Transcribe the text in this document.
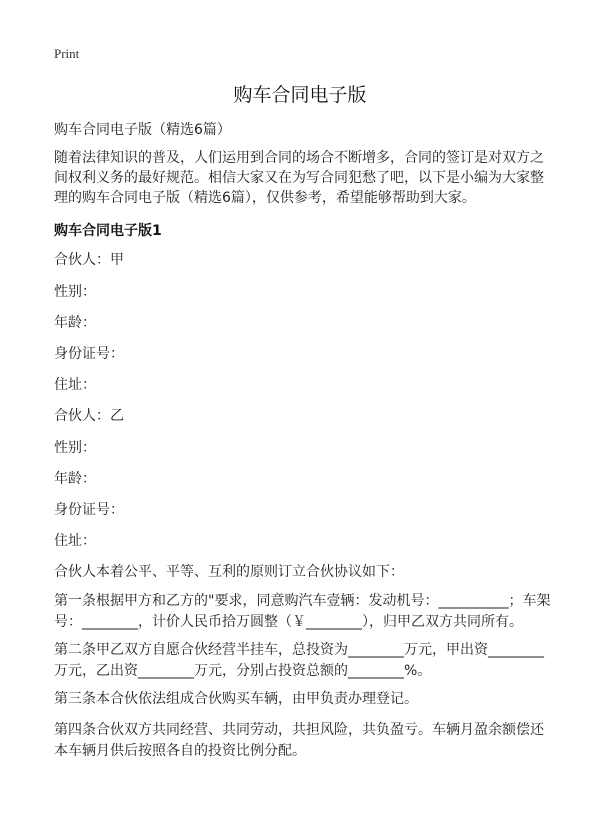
Print
购车合同电子版
购车合同电子版（精选6篇）
随着法律知识的普及，人们运用到合同的场合不断增多，合同的签订是对双方之间权利义务的最好规范。相信大家又在为写合同犯愁了吧，以下是小编为大家整理的购车合同电子版（精选6篇），仅供参考，希望能够帮助到大家。
购车合同电子版1
合伙人：甲
性别：
年龄：
身份证号：
住址：
合伙人：乙
性别：
年龄：
身份证号：
住址：
合伙人本着公平、平等、互利的原则订立合伙协议如下：
第一条根据甲方和乙方的"要求，同意购汽车壹辆：发动机号：__________；车架号：________，计价人民币拾万圆整（￥________），归甲乙双方共同所有。
第二条甲乙双方自愿合伙经营半挂车，总投资为________万元，甲出资________万元，乙出资________万元，分别占投资总额的________%。
第三条本合伙依法组成合伙购买车辆，由甲负责办理登记。
第四条合伙双方共同经营、共同劳动，共担风险，共负盈亏。车辆月盈余额偿还本车辆月供后按照各自的投资比例分配。
